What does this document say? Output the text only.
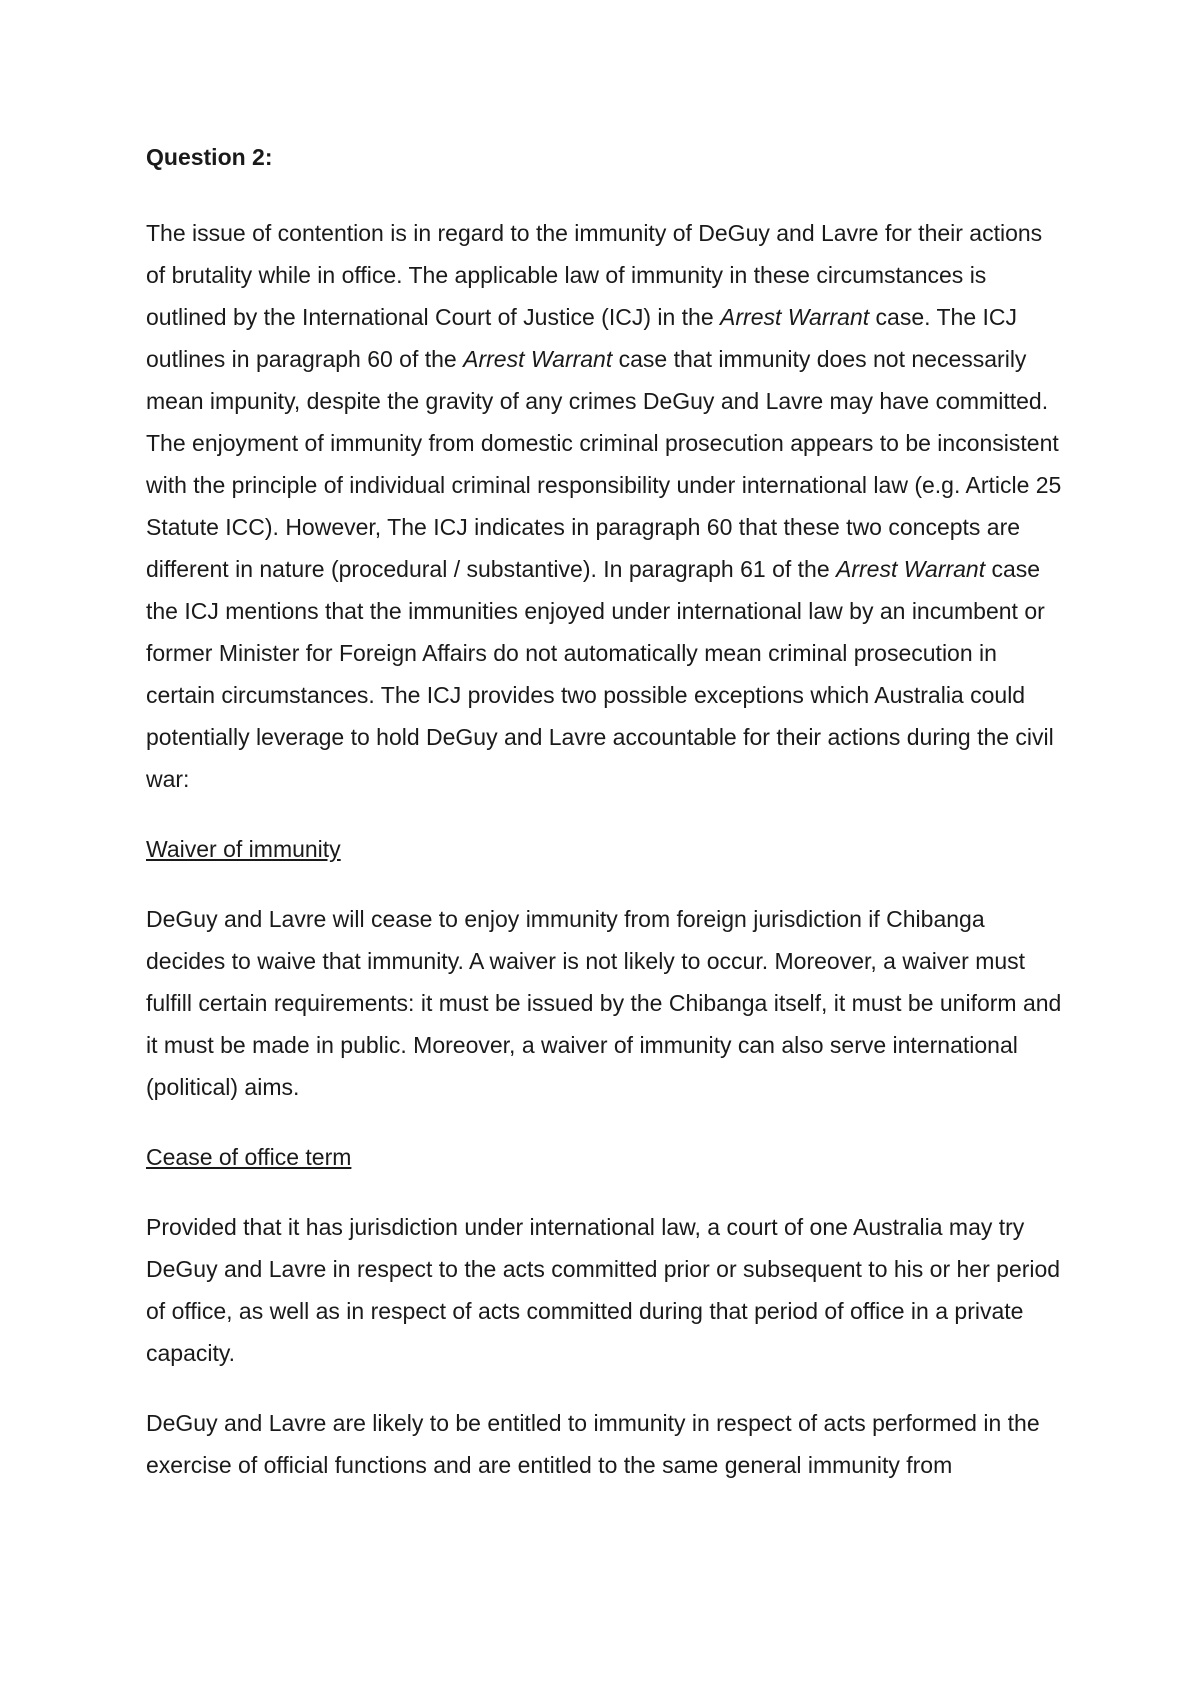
Question 2:

The issue of contention is in regard to the immunity of DeGuy and Lavre for their actions of brutality while in office. The applicable law of immunity in these circumstances is outlined by the International Court of Justice (ICJ) in the Arrest Warrant case. The ICJ outlines in paragraph 60 of the Arrest Warrant case that immunity does not necessarily mean impunity, despite the gravity of any crimes DeGuy and Lavre may have committed. The enjoyment of immunity from domestic criminal prosecution appears to be inconsistent with the principle of individual criminal responsibility under international law (e.g. Article 25 Statute ICC). However, The ICJ indicates in paragraph 60 that these two concepts are different in nature (procedural / substantive). In paragraph 61 of the Arrest Warrant case the ICJ mentions that the immunities enjoyed under international law by an incumbent or former Minister for Foreign Affairs do not automatically mean criminal prosecution in certain circumstances. The ICJ provides two possible exceptions which Australia could potentially leverage to hold DeGuy and Lavre accountable for their actions during the civil war:

Waiver of immunity

DeGuy and Lavre will cease to enjoy immunity from foreign jurisdiction if Chibanga decides to waive that immunity. A waiver is not likely to occur. Moreover, a waiver must fulfill certain requirements: it must be issued by the Chibanga itself, it must be uniform and it must be made in public. Moreover, a waiver of immunity can also serve international (political) aims.

Cease of office term

Provided that it has jurisdiction under international law, a court of one Australia may try DeGuy and Lavre in respect to the acts committed prior or subsequent to his or her period of office, as well as in respect of acts committed during that period of office in a private capacity.

DeGuy and Lavre are likely to be entitled to immunity in respect of acts performed in the exercise of official functions and are entitled to the same general immunity from
